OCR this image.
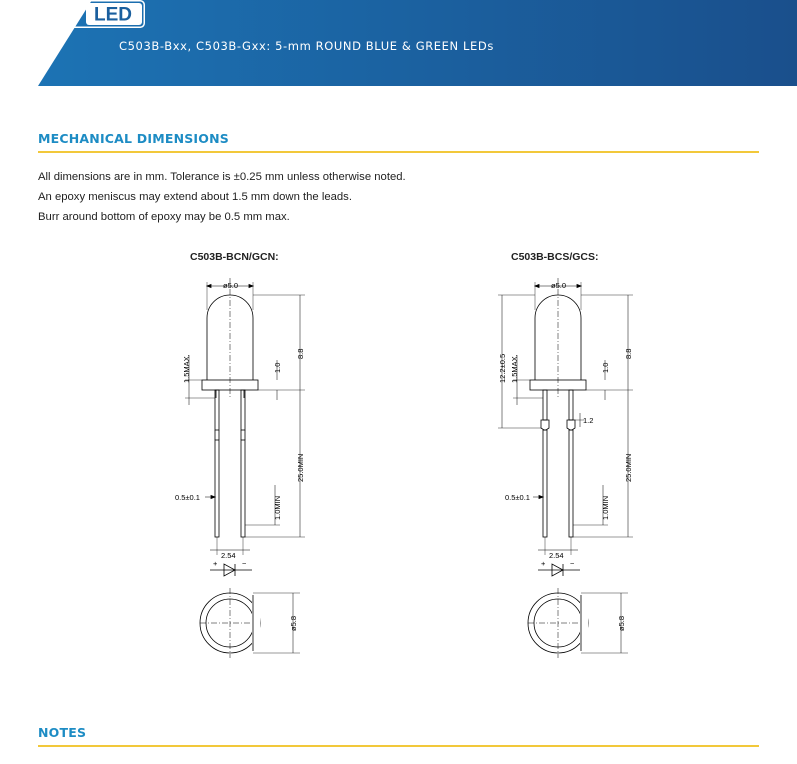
C503B-Bxx, C503B-Gxx: 5-mm ROUND BLUE & GREEN LEDs
CREE LED
MECHANICAL DIMENSIONS
All dimensions are in mm. Tolerance is ±0.25 mm unless otherwise noted.
An epoxy meniscus may extend about 1.5 mm down the leads.
Burr around bottom of epoxy may be 0.5 mm max.
C503B-BCN/GCN:	C503B-BCS/GCS:
ø5.0
8.8
1.0
1.5MAX.
25.0MIN
1.0MIN
0.5±0.1
2.54
+	−
ø5.8
ø5.0
8.8
1.0
12.2±0.5 1.5MAX.
1.2
25.0MIN
1.0MIN
0.5±0.1
2.54
+	−
ø5.8
NOTES
